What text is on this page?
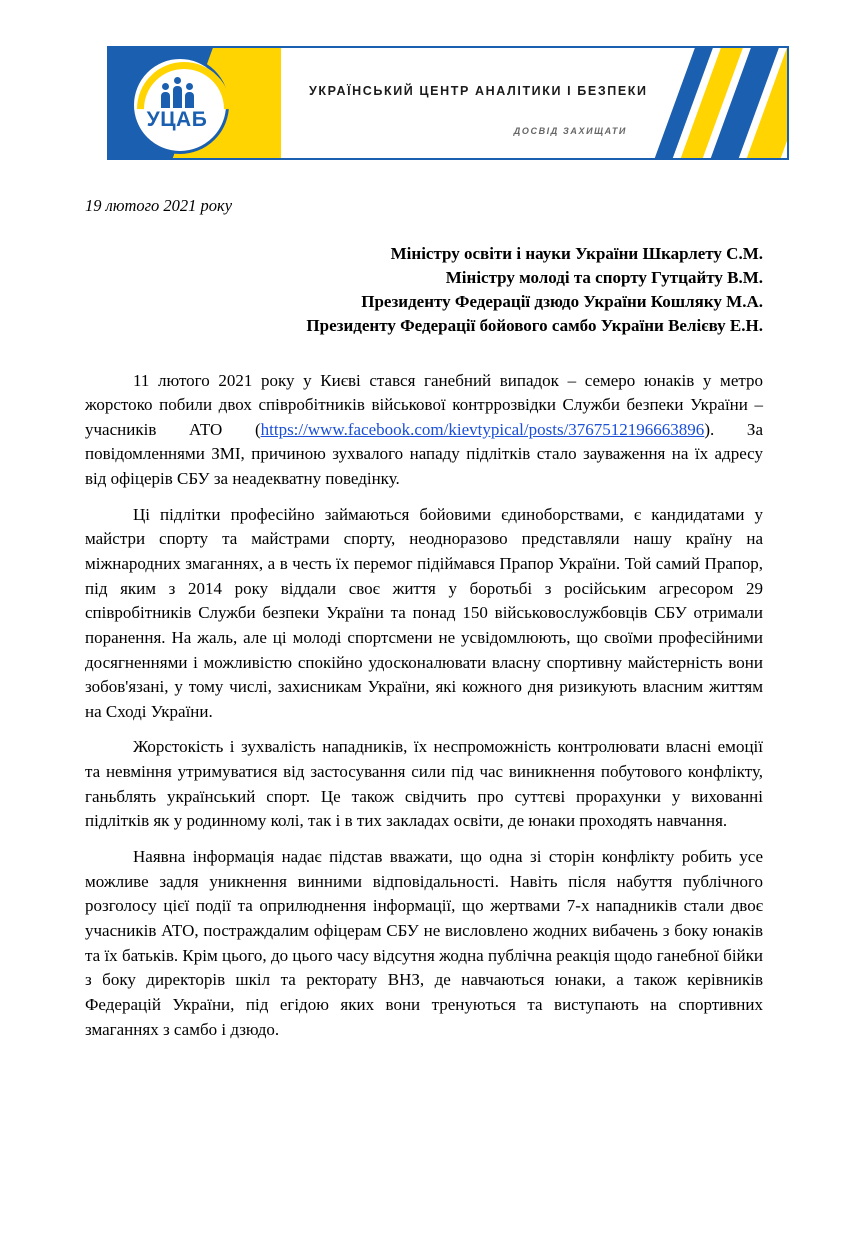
УЦАБ
УКРАЇНСЬКИЙ ЦЕНТР АНАЛІТИКИ І БЕЗПЕКИ
ДОСВІД ЗАХИЩАТИ
19 лютого 2021 року
Міністру освіти і науки України Шкарлету С.М.
Міністру молоді та спорту Гутцайту В.М.
Президенту Федерації дзюдо України Кошляку М.А.
Президенту Федерації бойового самбо України Велієву Е.Н.

11 лютого 2021 року у Києві стався ганебний випадок – семеро юнаків у метро жорстоко побили двох співробітників військової контррозвідки Служби безпеки України – учасників АТО (https://www.facebook.com/kievtypical/posts/3767512196663896). За повідомленнями ЗМІ, причиною зухвалого нападу підлітків стало зауваження на їх адресу від офіцерів СБУ за неадекватну поведінку.

Ці підлітки професійно займаються бойовими єдиноборствами, є кандидатами у майстри спорту та майстрами спорту, неодноразово представляли нашу країну на міжнародних змаганнях, а в честь їх перемог підіймався Прапор України. Той самий Прапор, під яким з 2014 року віддали своє життя у боротьбі з російським агресором 29 співробітників Служби безпеки України та понад 150 військовослужбовців СБУ отримали поранення. На жаль, але ці молоді спортсмени не усвідомлюють, що своїми професійними досягненнями і можливістю спокійно удосконалювати власну спортивну майстерність вони зобов'язані, у тому числі, захисникам України, які кожного дня ризикують власним життям на Сході України.

Жорстокість і зухвалість нападників, їх неспроможність контролювати власні емоції та невміння утримуватися від застосування сили під час виникнення побутового конфлікту, ганьблять український спорт. Це також свідчить про суттєві прорахунки у вихованні підлітків як у родинному колі, так і в тих закладах освіти, де юнаки проходять навчання.

Наявна інформація надає підстав вважати, що одна зі сторін конфлікту робить усе можливе задля уникнення винними відповідальності. Навіть після набуття публічного розголосу цієї події та оприлюднення інформації, що жертвами 7-х нападників стали двоє учасників АТО, постраждалим офіцерам СБУ не висловлено жодних вибачень з боку юнаків та їх батьків. Крім цього, до цього часу відсутня жодна публічна реакція щодо ганебної бійки з боку директорів шкіл та ректорату ВНЗ, де навчаються юнаки, а також керівників Федерацій України, під егідою яких вони тренуються та виступають на спортивних змаганнях з самбо і дзюдо.
